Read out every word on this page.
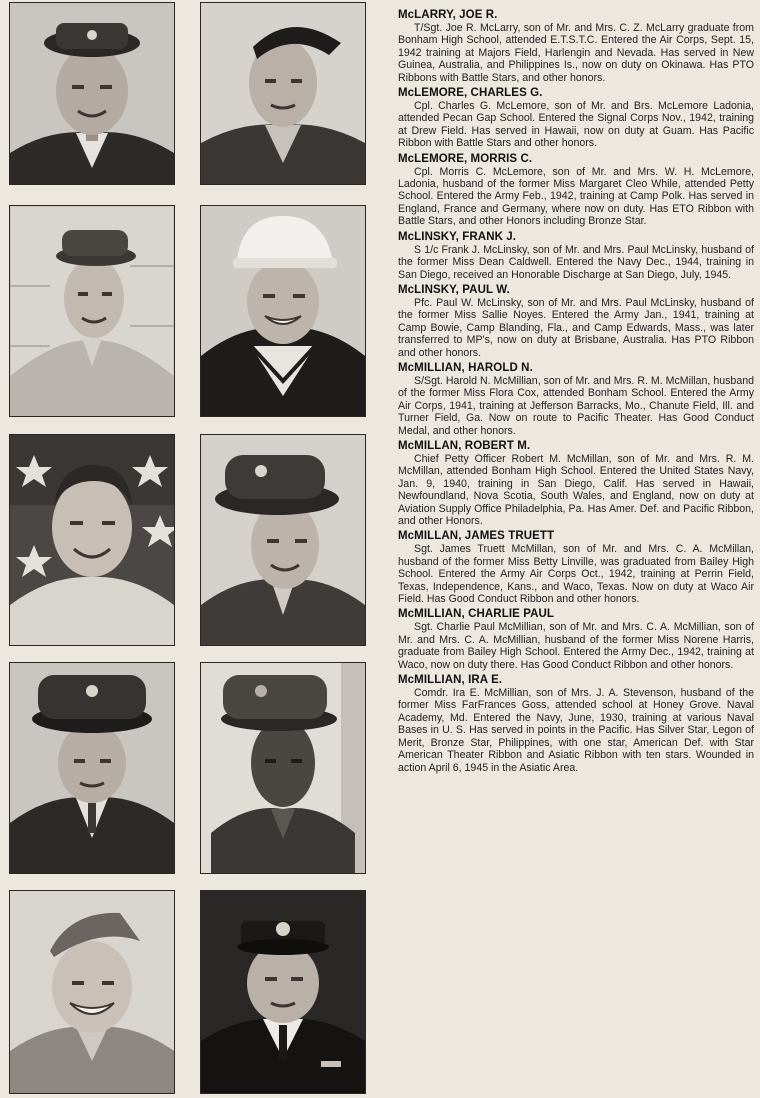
McLARRY, JOE R.
T/Sgt. Joe R. McLarry, son of Mr. and Mrs. C. Z. McLarry graduate from Bonham High School, attended E.T.S.T.C. Entered the Air Corps, Sept. 15, 1942 training at Majors Field, Harlengin and Nevada. Has served in New Guinea, Australia, and Philippines Is., now on duty on Okinawa. Has PTO Ribbons with Battle Stars, and other honors.
McLEMORE, CHARLES G.
Cpl. Charles G. McLemore, son of Mr. and Brs. McLemore Ladonia, attended Pecan Gap School. Entered the Signal Corps Nov., 1942, training at Drew Field. Has served in Hawaii, now on duty at Guam. Has Pacific Ribbon with Battle Stars and other honors.
McLEMORE, MORRIS C.
Cpl. Morris C. McLemore, son of Mr. and Mrs. W. H. McLemore, Ladonia, husband of the former Miss Margaret Cleo While, attended Petty School. Entered the Army Feb., 1942, training at Camp Polk. Has served in England, France and Germany, where now on duty. Has ETO Ribbon with Battle Stars, and other Honors including Bronze Star.
McLINSKY, FRANK J.
S 1/c Frank J. McLinsky, son of Mr. and Mrs. Paul McLinsky, husband of the former Miss Dean Caldwell. Entered the Navy Dec., 1944, training in San Diego, received an Honorable Discharge at San Diego, July, 1945.
McLINSKY, PAUL W.
Pfc. Paul W. McLinsky, son of Mr. and Mrs. Paul McLinsky, husband of the former Miss Sallie Noyes. Entered the Army Jan., 1941, training at Camp Bowie, Camp Blanding, Fla., and Camp Edwards, Mass., was later transferred to MP's, now on duty at Brisbane, Australia. Has PTO Ribbon and other honors.
McMILLIAN, HAROLD N.
S/Sgt. Harold N. McMillian, son of Mr. and Mrs. R. M. McMillan, husband of the former Miss Flora Cox, attended Bonham School. Entered the Army Air Corps, 1941, training at Jefferson Barracks, Mo., Chanute Field, Ill. and Turner Field, Ga. Now on route to Pacific Theater. Has Good Conduct Medal, and other honors.
McMILLAN, ROBERT M.
Chief Petty Officer Robert M. McMillan, son of Mr. and Mrs. R. M. McMillan, attended Bonham High School. Entered the United States Navy, Jan. 9, 1940, training in San Diego, Calif. Has served in Hawaii, Newfoundland, Nova Scotia, South Wales, and England, now on duty at Aviation Supply Office Philadelphia, Pa. Has Amer. Def. and Pacific Ribbon, and other Honors.
McMILLAN, JAMES TRUETT
Sgt. James Truett McMillan, son of Mr. and Mrs. C. A. McMillan, husband of the former Miss Betty Linville, was graduated from Bailey High School. Entered the Army Air Corps Oct., 1942, training at Perrin Field, Texas, Independence, Kans., and Waco, Texas. Now on duty at Waco Air Field. Has Good Conduct Ribbon and other honors.
McMILLIAN, CHARLIE PAUL
Sgt. Charlie Paul McMillian, son of Mr. and Mrs. C. A. McMillian, son of Mr. and Mrs. C. A. McMillian, husband of the former Miss Norene Harris, graduate from Bailey High School. Entered the Army Dec., 1942, training at Waco, now on duty there. Has Good Conduct Ribbon and other honors.
McMILLIAN, IRA E.
Comdr. Ira E. McMillian, son of Mrs. J. A. Stevenson, husband of the former Miss FarFrances Goss, attended school at Honey Grove. Naval Academy, Md. Entered the Navy, June, 1930, training at various Naval Bases in U. S. Has served in points in the Pacific. Has Silver Star, Legon of Merit, Bronze Star, Philippines, with one star, American Def. with Star American Theater Ribbon and Asiatic Ribbon with ten stars. Wounded in action April 6, 1945 in the Asiatic Area.
